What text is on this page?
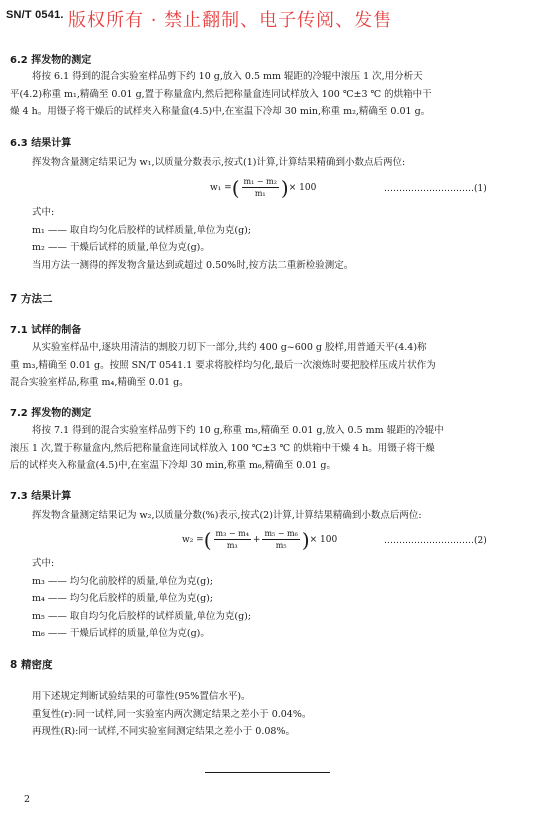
SN/T 0541. 版权所有 · 禁止翻制、电子传阅、发售
6.2 挥发物的测定
将按 6.1 得到的混合实验室样品剪下约 10 g,放入 0.5 mm 辊距的冷辊中滚压 1 次,用分析天
平(4.2)称重 m₁,精确至 0.01 g,置于称量盒内,然后把称量盒连同试样放入 100 ℃±3 ℃ 的烘箱中干
燥 4 h。用镊子将干燥后的试样夹入称量盒(4.5)中,在室温下冷却 30 min,称重 m₂,精确至 0.01 g。
6.3 结果计算
挥发物含量测定结果记为 w₁,以质量分数表示,按式(1)计算,计算结果精确到小数点后两位:
w₁ = ( $\frac{\text{m₁ − m₂}}{\text{m₁}}$ ) × 100	…………………………(1)
式中:
m₁ —— 取自均匀化后胶样的试样质量,单位为克(g);
m₂ —— 干燥后试样的质量,单位为克(g)。
当用方法一测得的挥发物含量达到或超过 0.50%时,按方法二重新检验测定。
7 方法二
7.1 试样的制备
从实验室样品中,逐块用清洁的割胶刀切下一部分,共约 400 g~600 g 胶样,用普通天平(4.4)称
重 m₃,精确至 0.01 g。按照 SN/T 0541.1 要求将胶样均匀化,最后一次滚炼时要把胶样压成片状作为
混合实验室样品,称重 m₄,精确至 0.01 g。
7.2 挥发物的测定
将按 7.1 得到的混合实验室样品剪下约 10 g,称重 m₅,精确至 0.01 g,放入 0.5 mm 辊距的冷辊中
滚压 1 次,置于称量盒内,然后把称量盒连同试样放入 100 ℃±3 ℃ 的烘箱中干燥 4 h。用镊子将干燥
后的试样夹入称量盒(4.5)中,在室温下冷却 30 min,称重 m₆,精确至 0.01 g。
7.3 结果计算
挥发物含量测定结果记为 w₂,以质量分数(%)表示,按式(2)计算,计算结果精确到小数点后两位:
w₂ = ( $\frac{\text{m₃ − m₄}}{\text{m₃}} + \frac{\text{m₅ − m₆}}{\text{m₅}}$ ) × 100	…………………………(2)
式中:
m₃ —— 均匀化前胶样的质量,单位为克(g);
m₄ —— 均匀化后胶样的质量,单位为克(g);
m₅ —— 取自均匀化后胶样的试样质量,单位为克(g);
m₆ —— 干燥后试样的质量,单位为克(g)。
8 精密度
用下述规定判断试验结果的可靠性(95%置信水平)。
重复性(r):同一试样,同一实验室内两次测定结果之差小于 0.04%。
再现性(R):同一试样,不同实验室间测定结果之差小于 0.08%。
2
